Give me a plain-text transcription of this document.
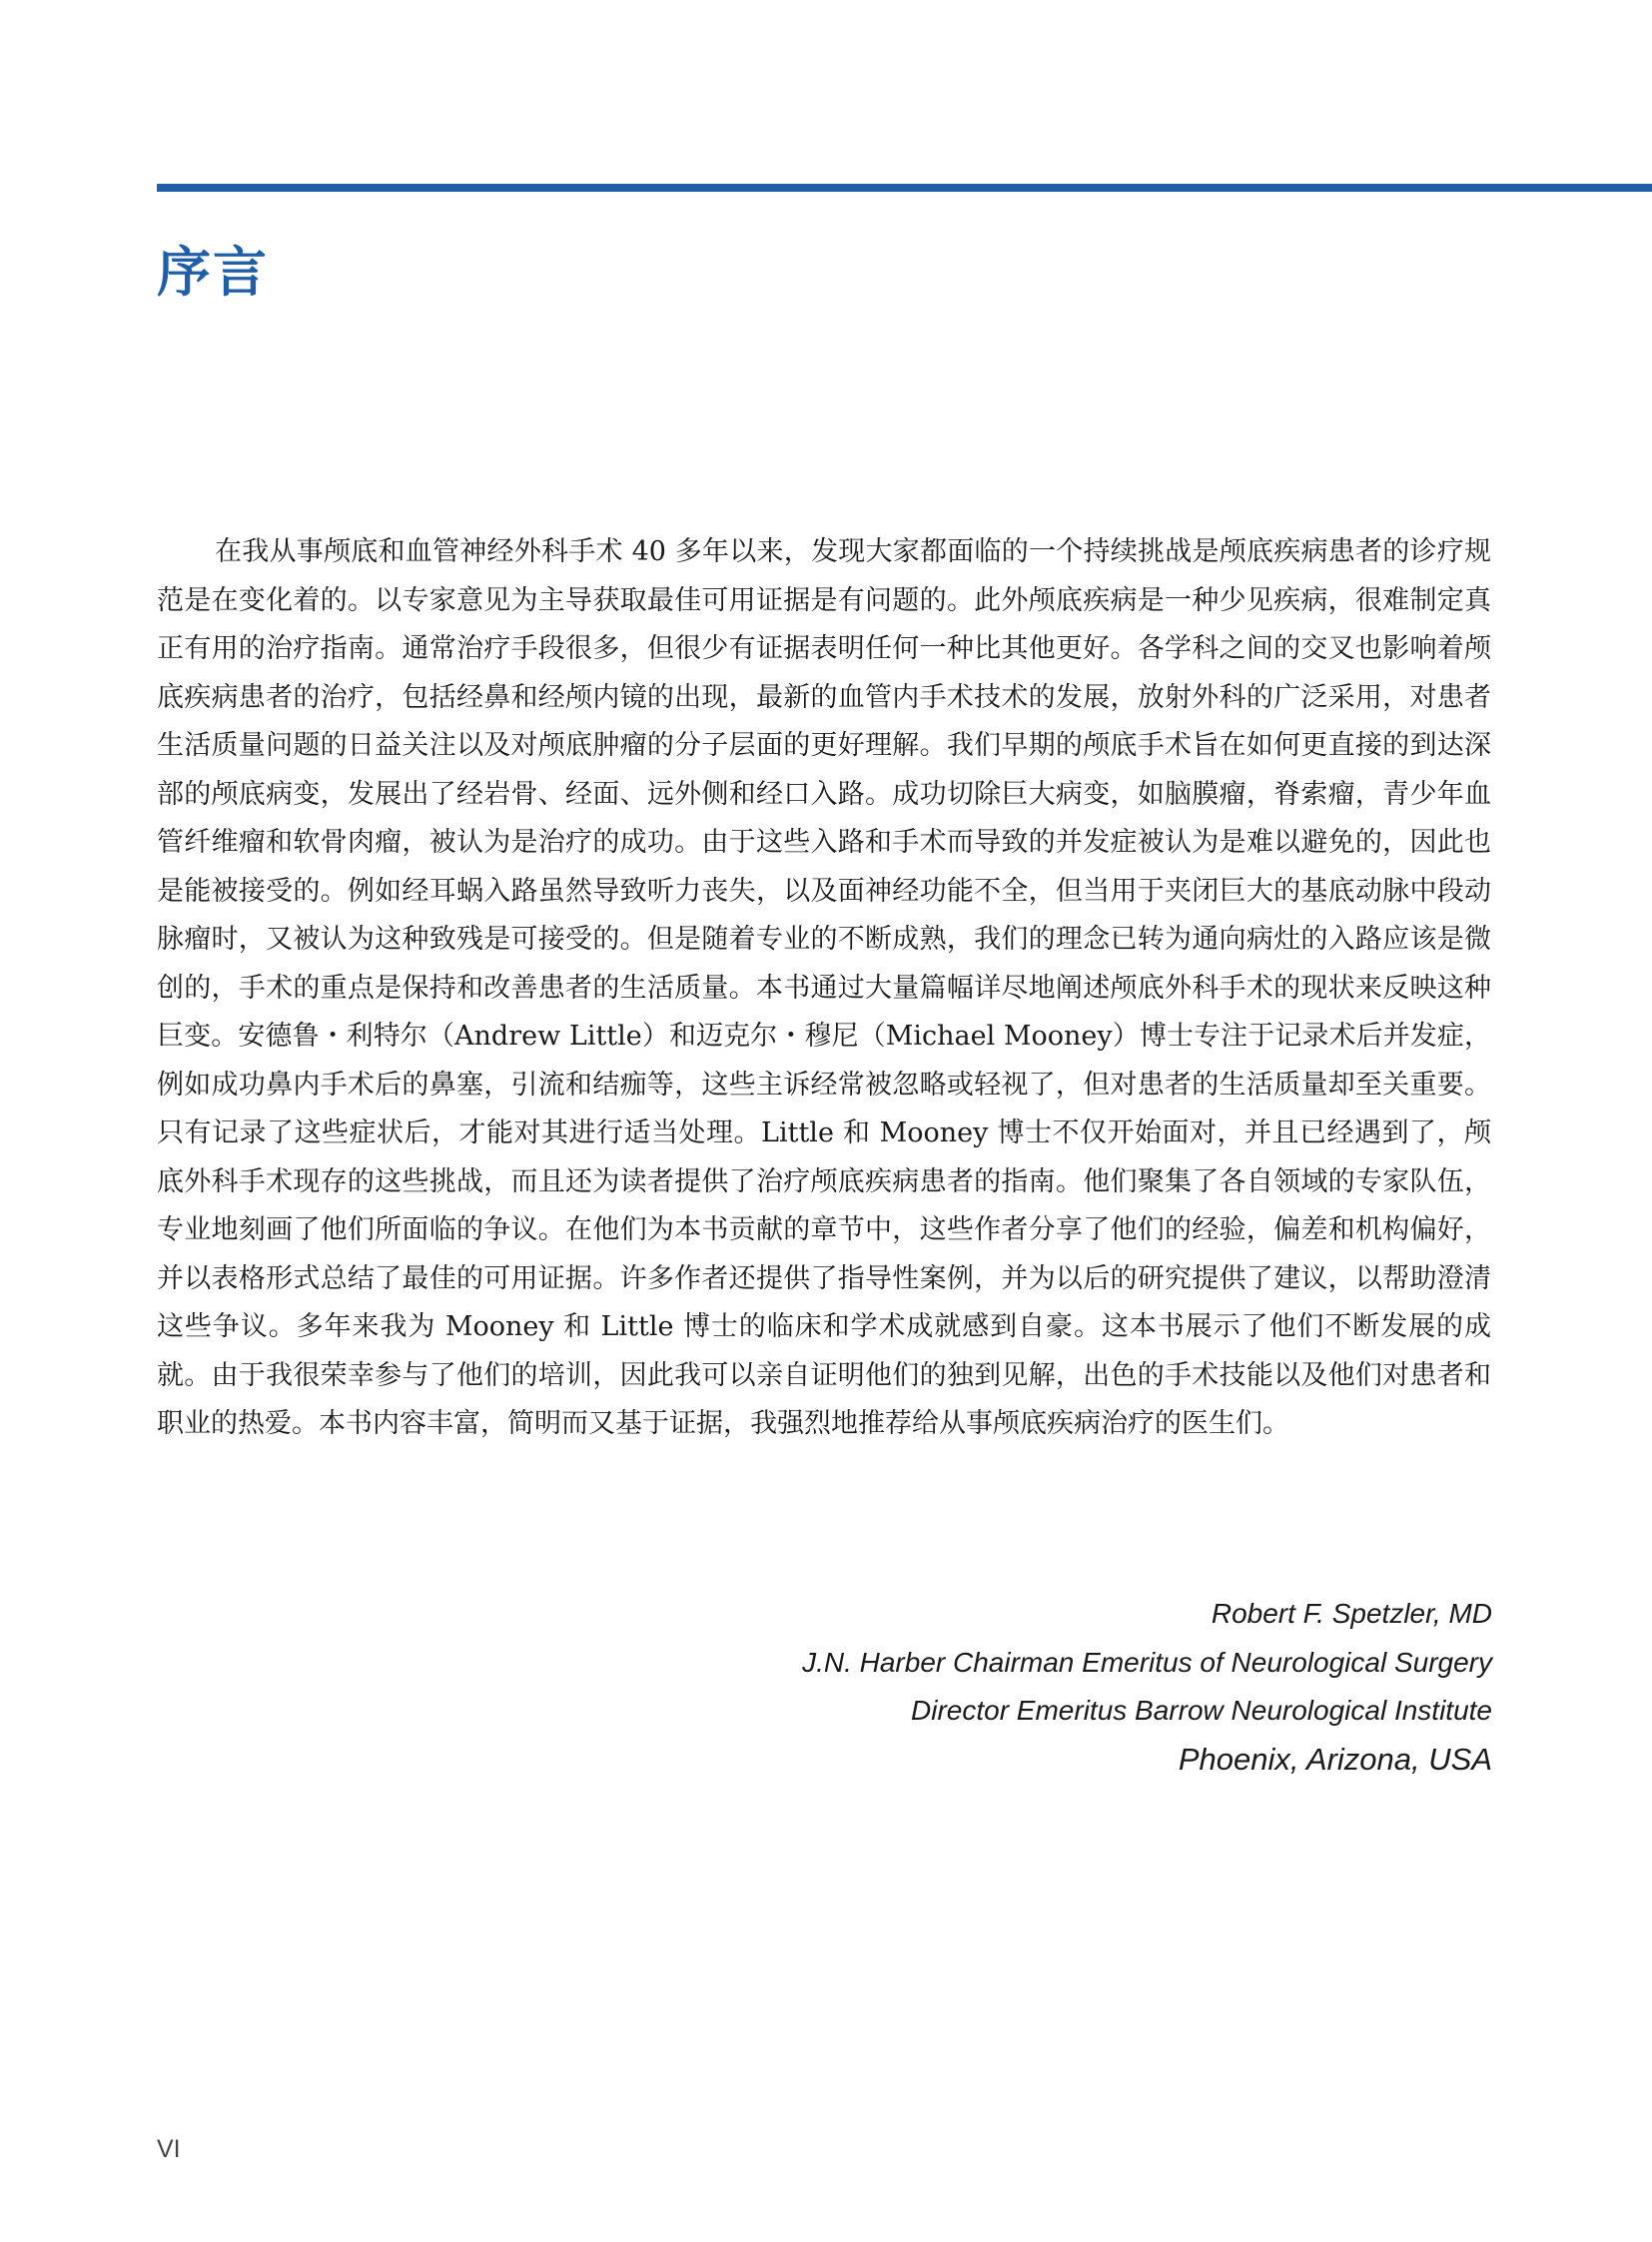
序言

在我从事颅底和血管神经外科手术 40 多年以来，发现大家都面临的一个持续挑战是颅底疾病患者的诊疗规范是在变化着的。以专家意见为主导获取最佳可用证据是有问题的。此外颅底疾病是一种少见疾病，很难制定真正有用的治疗指南。通常治疗手段很多，但很少有证据表明任何一种比其他更好。各学科之间的交叉也影响着颅底疾病患者的治疗，包括经鼻和经颅内镜的出现，最新的血管内手术技术的发展，放射外科的广泛采用，对患者生活质量问题的日益关注以及对颅底肿瘤的分子层面的更好理解。我们早期的颅底手术旨在如何更直接的到达深部的颅底病变，发展出了经岩骨、经面、远外侧和经口入路。成功切除巨大病变，如脑膜瘤，脊索瘤，青少年血管纤维瘤和软骨肉瘤，被认为是治疗的成功。由于这些入路和手术而导致的并发症被认为是难以避免的，因此也是能被接受的。例如经耳蜗入路虽然导致听力丧失，以及面神经功能不全，但当用于夹闭巨大的基底动脉中段动脉瘤时，又被认为这种致残是可接受的。但是随着专业的不断成熟，我们的理念已转为通向病灶的入路应该是微创的，手术的重点是保持和改善患者的生活质量。本书通过大量篇幅详尽地阐述颅底外科手术的现状来反映这种巨变。安德鲁・利特尔（Andrew Little）和迈克尔・穆尼（Michael Mooney）博士专注于记录术后并发症，例如成功鼻内手术后的鼻塞，引流和结痂等，这些主诉经常被忽略或轻视了，但对患者的生活质量却至关重要。只有记录了这些症状后，才能对其进行适当处理。Little 和 Mooney 博士不仅开始面对，并且已经遇到了，颅底外科手术现存的这些挑战，而且还为读者提供了治疗颅底疾病患者的指南。他们聚集了各自领域的专家队伍，专业地刻画了他们所面临的争议。在他们为本书贡献的章节中，这些作者分享了他们的经验，偏差和机构偏好，并以表格形式总结了最佳的可用证据。许多作者还提供了指导性案例，并为以后的研究提供了建议，以帮助澄清这些争议。多年来我为 Mooney 和 Little 博士的临床和学术成就感到自豪。这本书展示了他们不断发展的成就。由于我很荣幸参与了他们的培训，因此我可以亲自证明他们的独到见解，出色的手术技能以及他们对患者和职业的热爱。本书内容丰富，简明而又基于证据，我强烈地推荐给从事颅底疾病治疗的医生们。

Robert F. Spetzler, MD
J.N. Harber Chairman Emeritus of Neurological Surgery
Director Emeritus Barrow Neurological Institute
Phoenix, Arizona, USA
VI
